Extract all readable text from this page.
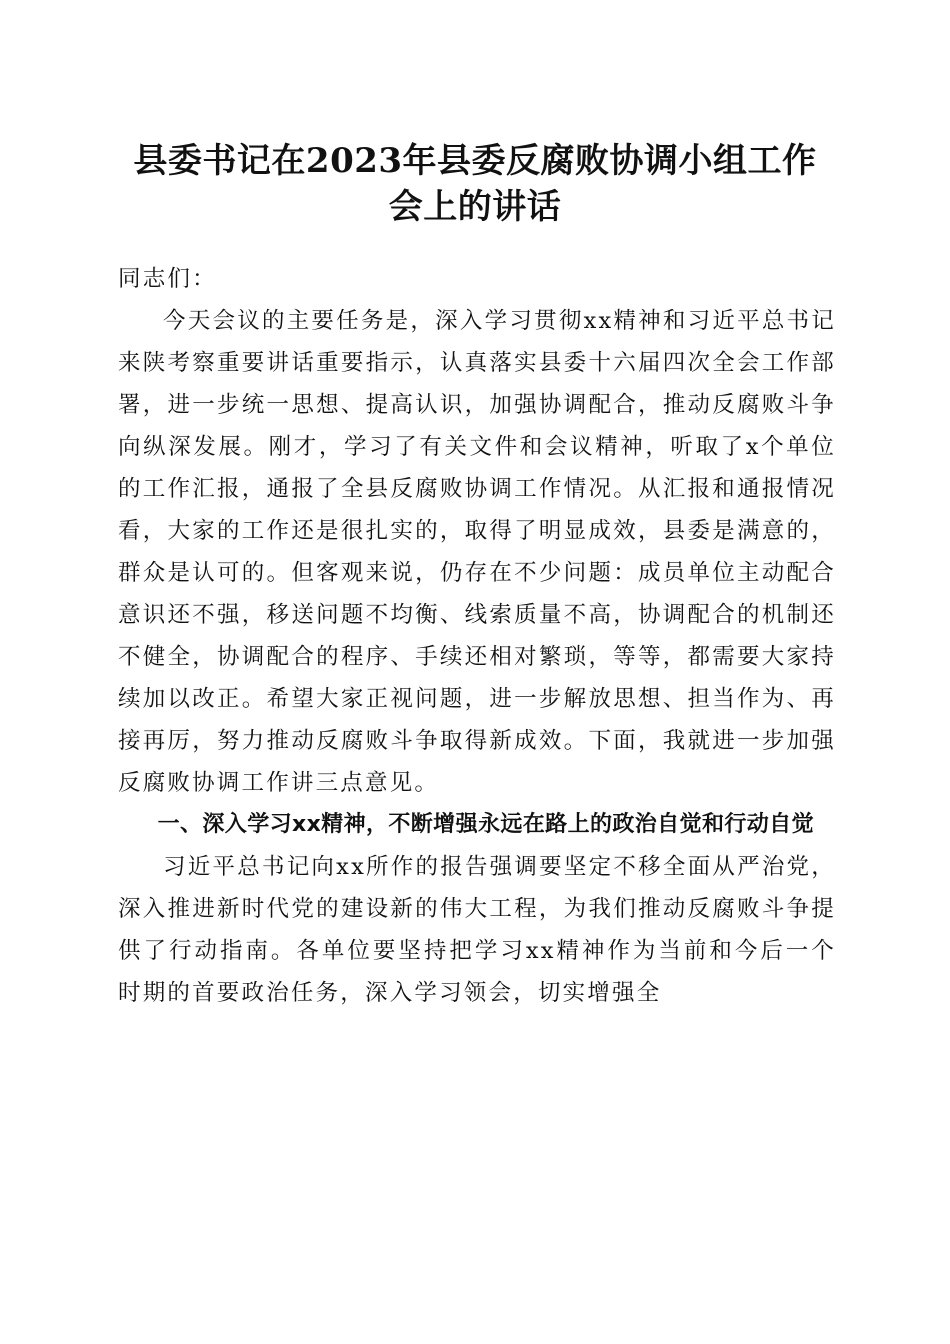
县委书记在2023年县委反腐败协调小组工作
会上的讲话

同志们：

今天会议的主要任务是，深入学习贯彻xx精神和习近平总书记来陕考察重要讲话重要指示，认真落实县委十六届四次全会工作部署，进一步统一思想、提高认识，加强协调配合，推动反腐败斗争向纵深发展。刚才，学习了有关文件和会议精神，听取了x个单位的工作汇报，通报了全县反腐败协调工作情况。从汇报和通报情况看，大家的工作还是很扎实的，取得了明显成效，县委是满意的，群众是认可的。但客观来说，仍存在不少问题：成员单位主动配合意识还不强，移送问题不均衡、线索质量不高，协调配合的机制还不健全，协调配合的程序、手续还相对繁琐，等等，都需要大家持续加以改正。希望大家正视问题，进一步解放思想、担当作为、再接再厉，努力推动反腐败斗争取得新成效。下面，我就进一步加强反腐败协调工作讲三点意见。

一、深入学习xx精神，不断增强永远在路上的政治自觉和行动自觉

习近平总书记向xx所作的报告强调要坚定不移全面从严治党，深入推进新时代党的建设新的伟大工程，为我们推动反腐败斗争提供了行动指南。各单位要坚持把学习xx精神作为当前和今后一个时期的首要政治任务，深入学习领会，切实增强全
